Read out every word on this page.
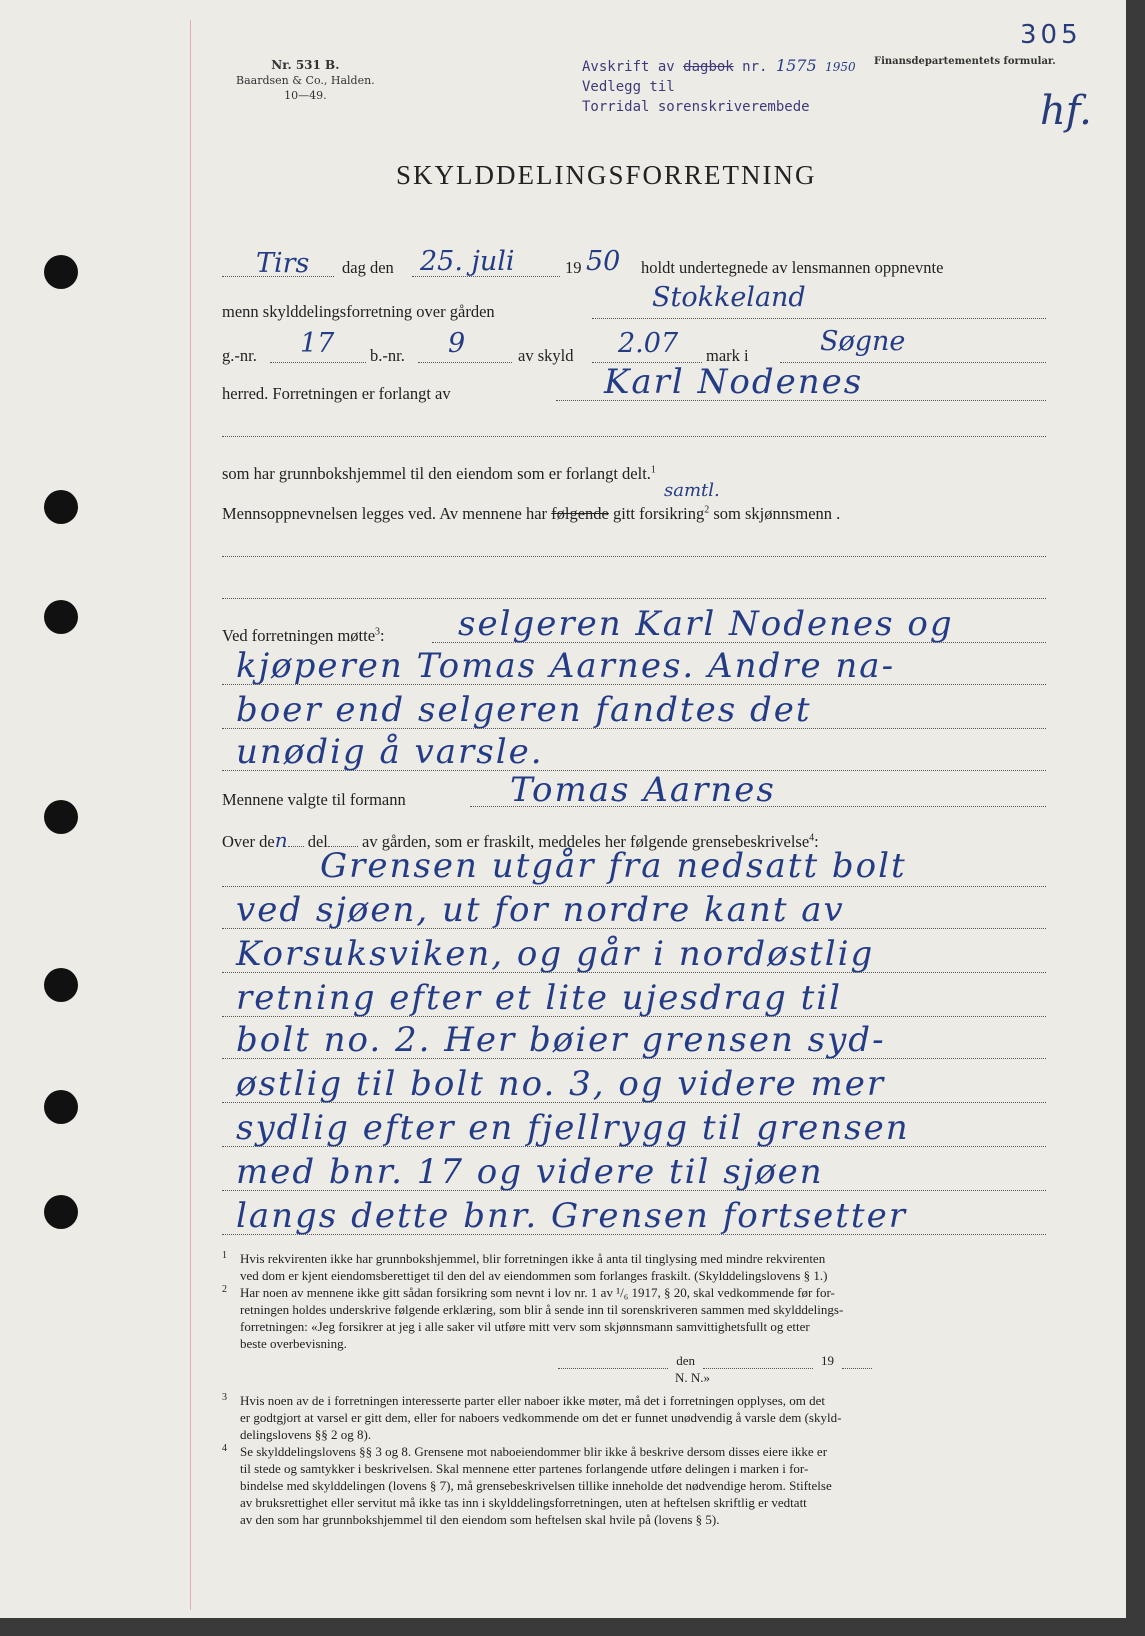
Nr. 531 B.
Baardsen & Co., Halden.
10—49.
Avskrift av dagbok nr. 1575 1950
Vedlegg til
Torridal sorenskriverembede
Finansdepartementets formular.
305
hf.
SKYLDDELINGSFORRETNING
Tirs dag den 25. juli	19 50 holdt undertegnede av lensmannen oppnevnte
menn skylddelingsforretning over gården	Stokkeland
g.-nr. 17 b.-nr. 9	av skyld 2.07 mark i	Søgne
herred. Forretningen er forlangt av	Karl Nodenes
som har grunnbokshjemmel til den eiendom som er forlangt delt.$^1$
samtl.
Mennsoppnevnelsen legges ved. Av mennene har følgende gitt forsikring$^2$ som skjønnsmenn .
Ved forretningen møtte$^3$: selgeren Karl Nodenes og
kjøperen Tomas Aarnes. Andre na-
boer end selgeren fandtes det
unødig å varsle.
Mennene valgte til formann	Tomas Aarnes
Over den del av gården, som er fraskilt, meddeles her følgende grensebeskrivelse$^4$:
Grensen utgår fra nedsatt bolt
ved sjøen, ut for nordre kant av
Korsuksviken, og går i nordøstlig
retning efter et lite ujesdrag til
bolt no. 2. Her bøier grensen syd-
østlig til bolt no. 3, og videre mer
sydlig efter en fjellrygg til grensen
med bnr. 17 og videre til sjøen
langs dette bnr. Grensen fortsetter
1 Hvis rekvirenten ikke har grunnbokshjemmel, blir forretningen ikke å anta til tinglysing med mindre rekvirenten
ved dom er kjent eiendomsberettiget til den del av eiendommen som forlanges fraskilt. (Skylddelingslovens § 1.)
2 Har noen av mennene ikke gitt sådan forsikring som nevnt i lov nr. 1 av ¹/₆ 1917, § 20, skal vedkommende før for-
retningen holdes underskrive følgende erklæring, som blir å sende inn til sorenskriveren sammen med skylddelings-
forretningen: «Jeg forsikrer at jeg i alle saker vil utføre mitt verv som skjønnsmann samvittighetsfullt og etter
beste overbevisning.
den	19
N. N.»
3 Hvis noen av de i forretningen interesserte parter eller naboer ikke møter, må det i forretningen opplyses, om det
er godtgjort at varsel er gitt dem, eller for naboers vedkommende om det er funnet unødvendig å varsle dem (skyld-
delingslovens §§ 2 og 8).
4 Se skylddelingslovens §§ 3 og 8. Grensene mot naboeiendommer blir ikke å beskrive dersom disses eiere ikke er
til stede og samtykker i beskrivelsen. Skal mennene etter partenes forlangende utføre delingen i marken i for-
bindelse med skylddelingen (lovens § 7), må grensebeskrivelsen tillike inneholde det nødvendige herom. Stiftelse
av bruksrettighet eller servitut må ikke tas inn i skylddelingsforretningen, uten at heftelsen skriftlig er vedtatt
av den som har grunnbokshjemmel til den eiendom som heftelsen skal hvile på (lovens § 5).
